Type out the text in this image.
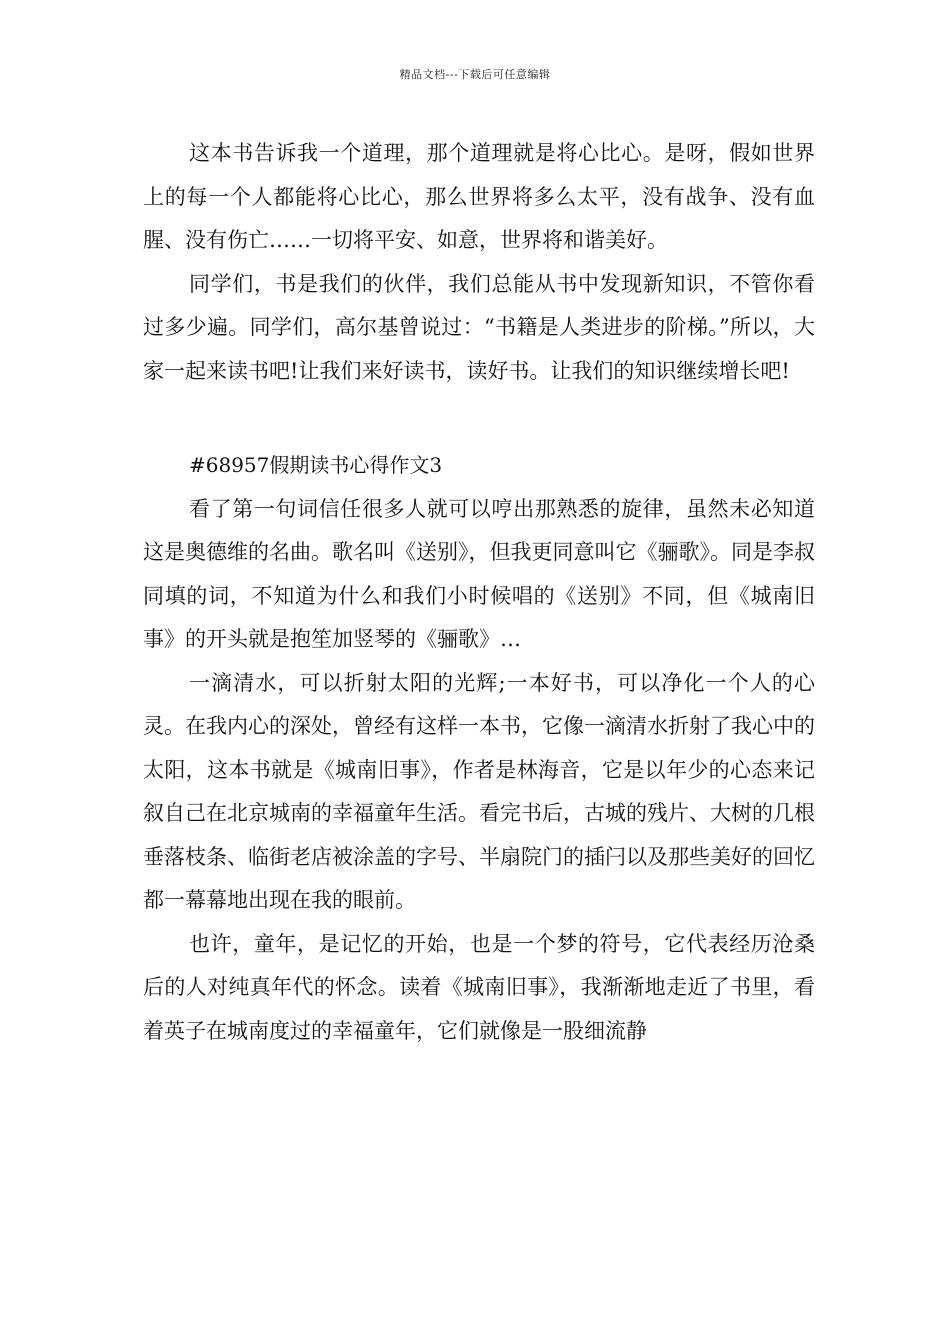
精品文档---下载后可任意编辑

这本书告诉我一个道理，那个道理就是将心比心。是呀，假如世界上的每一个人都能将心比心，那么世界将多么太平，没有战争、没有血腥、没有伤亡……一切将平安、如意，世界将和谐美好。

同学们，书是我们的伙伴，我们总能从书中发现新知识，不管你看过多少遍。同学们，高尔基曾说过：“书籍是人类进步的阶梯。”所以，大家一起来读书吧!让我们来好读书，读好书。让我们的知识继续增长吧!

#68957假期读书心得作文3

看了第一句词信任很多人就可以哼出那熟悉的旋律，虽然未必知道这是奥德维的名曲。歌名叫《送别》，但我更同意叫它《骊歌》。同是李叔同填的词，不知道为什么和我们小时候唱的《送别》不同，但《城南旧事》的开头就是抱笙加竖琴的《骊歌》…

一滴清水，可以折射太阳的光辉;一本好书，可以净化一个人的心灵。在我内心的深处，曾经有这样一本书，它像一滴清水折射了我心中的太阳，这本书就是《城南旧事》，作者是林海音，它是以年少的心态来记叙自己在北京城南的幸福童年生活。看完书后，古城的残片、大树的几根垂落枝条、临街老店被涂盖的字号、半扇院门的插闩以及那些美好的回忆都一幕幕地出现在我的眼前。

也许，童年，是记忆的开始，也是一个梦的符号，它代表经历沧桑后的人对纯真年代的怀念。读着《城南旧事》，我渐渐地走近了书里，看着英子在城南度过的幸福童年，它们就像是一股细流静
